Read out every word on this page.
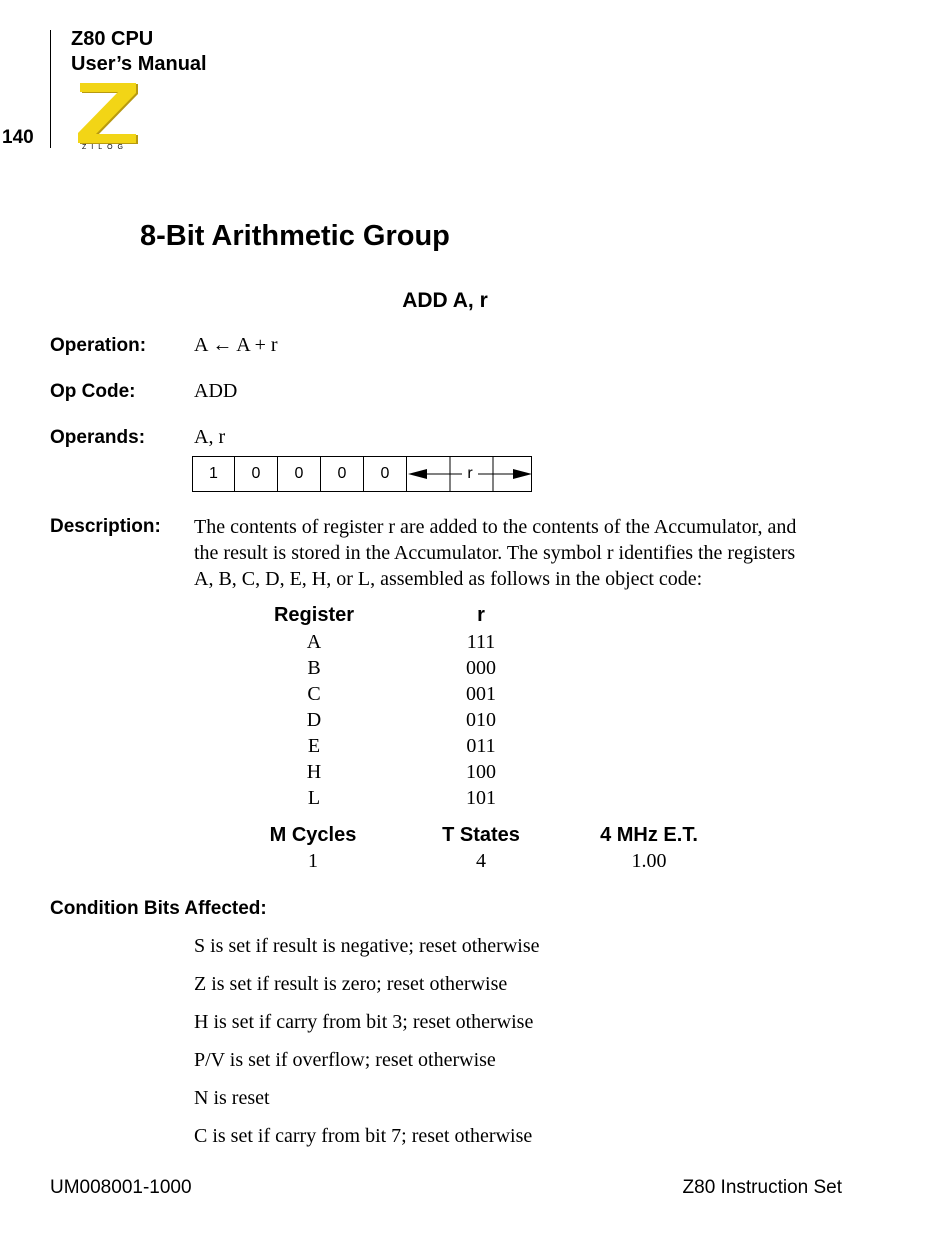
Z80 CPU
User’s Manual
140	ZILOG
8-Bit Arithmetic Group
ADD A, r
Operation: A ← A + r
Op Code:	ADD
Operands: A, r
1	0	0	0	0	r
Description: The contents of register r are added to the contents of the Accumulator, and
the result is stored in the Accumulator. The symbol r identifies the registers
A, B, C, D, E, H, or L, assembled as follows in the object code:
Register	r
A	111
B	000
C	001
D	010
E	011
H	100
L	101
M Cycles	T States	4 MHz E.T.
1	4	1.00
Condition Bits Affected:
S is set if result is negative; reset otherwise
Z is set if result is zero; reset otherwise
H is set if carry from bit 3; reset otherwise
P/V is set if overflow; reset otherwise
N is reset
C is set if carry from bit 7; reset otherwise
UM008001-1000	Z80 Instruction Set
